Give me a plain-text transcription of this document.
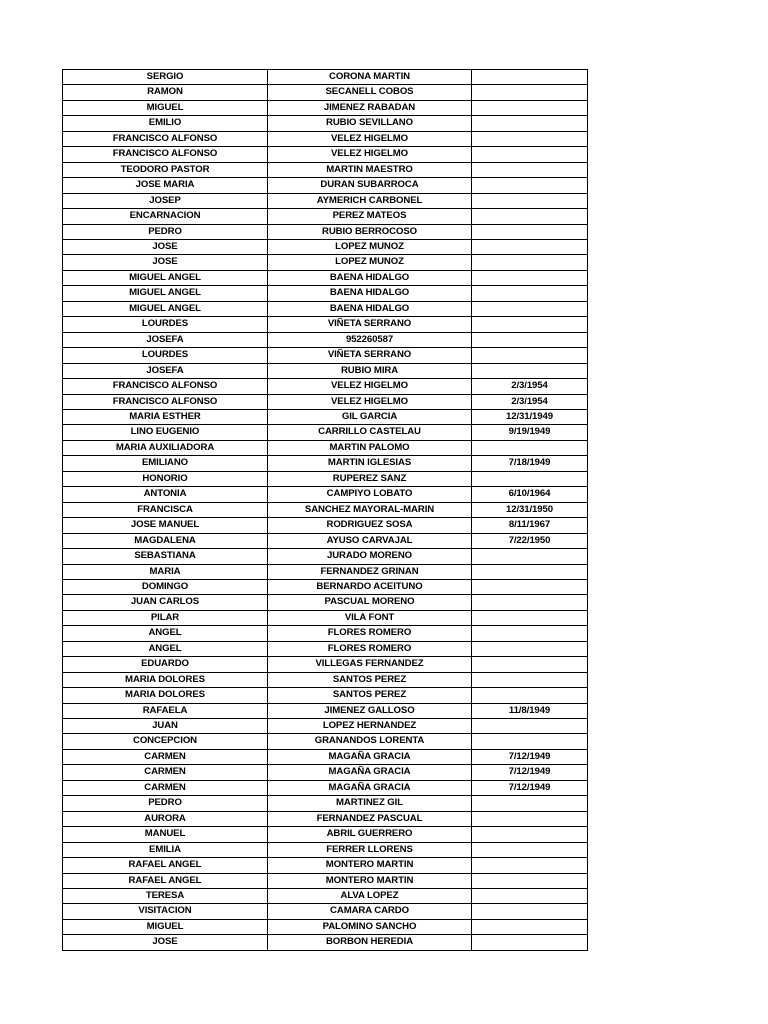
SERGIO	CORONA MARTIN	
RAMON	SECANELL COBOS	
MIGUEL	JIMENEZ RABADAN	
EMILIO	RUBIO SEVILLANO	
FRANCISCO ALFONSO	VELEZ HIGELMO	
FRANCISCO ALFONSO	VELEZ HIGELMO	
TEODORO PASTOR	MARTIN MAESTRO	
JOSE MARIA	DURAN SUBARROCA	
JOSEP	AYMERICH CARBONEL	
ENCARNACION	PEREZ MATEOS	
PEDRO	RUBIO BERROCOSO	
JOSE	LOPEZ MUNOZ	
JOSE	LOPEZ MUNOZ	
MIGUEL ANGEL	BAENA HIDALGO	
MIGUEL ANGEL	BAENA HIDALGO	
MIGUEL ANGEL	BAENA HIDALGO	
LOURDES	VIÑETA SERRANO	
JOSEFA	952260587	
LOURDES	VIÑETA SERRANO	
JOSEFA	RUBIO MIRA	
FRANCISCO ALFONSO	VELEZ HIGELMO	2/3/1954
FRANCISCO ALFONSO	VELEZ HIGELMO	2/3/1954
MARIA ESTHER	GIL GARCIA	12/31/1949
LINO EUGENIO	CARRILLO CASTELAU	9/19/1949
MARIA AUXILIADORA	MARTIN PALOMO	
EMILIANO	MARTIN IGLESIAS	7/18/1949
HONORIO	RUPEREZ SANZ	
ANTONIA	CAMPIYO LOBATO	6/10/1964
FRANCISCA	SANCHEZ MAYORAL-MARIN	12/31/1950
JOSE MANUEL	RODRIGUEZ SOSA	8/11/1967
MAGDALENA	AYUSO CARVAJAL	7/22/1950
SEBASTIANA	JURADO MORENO	
MARIA	FERNANDEZ GRINAN	
DOMINGO	BERNARDO ACEITUNO	
JUAN CARLOS	PASCUAL MORENO	
PILAR	VILA FONT	
ANGEL	FLORES ROMERO	
ANGEL	FLORES ROMERO	
EDUARDO	VILLEGAS FERNANDEZ	
MARIA DOLORES	SANTOS PEREZ	
MARIA DOLORES	SANTOS PEREZ	
RAFAELA	JIMENEZ GALLOSO	11/8/1949
JUAN	LOPEZ HERNANDEZ	
CONCEPCION	GRANANDOS LORENTA	
CARMEN	MAGAÑA GRACIA	7/12/1949
CARMEN	MAGAÑA GRACIA	7/12/1949
CARMEN	MAGAÑA GRACIA	7/12/1949
PEDRO	MARTINEZ GIL	
AURORA	FERNANDEZ PASCUAL	
MANUEL	ABRIL GUERRERO	
EMILIA	FERRER LLORENS	
RAFAEL ANGEL	MONTERO MARTIN	
RAFAEL ANGEL	MONTERO MARTIN	
TERESA	ALVA LOPEZ	
VISITACION	CAMARA CARDO	
MIGUEL	PALOMINO SANCHO	
JOSE	BORBON HEREDIA	
